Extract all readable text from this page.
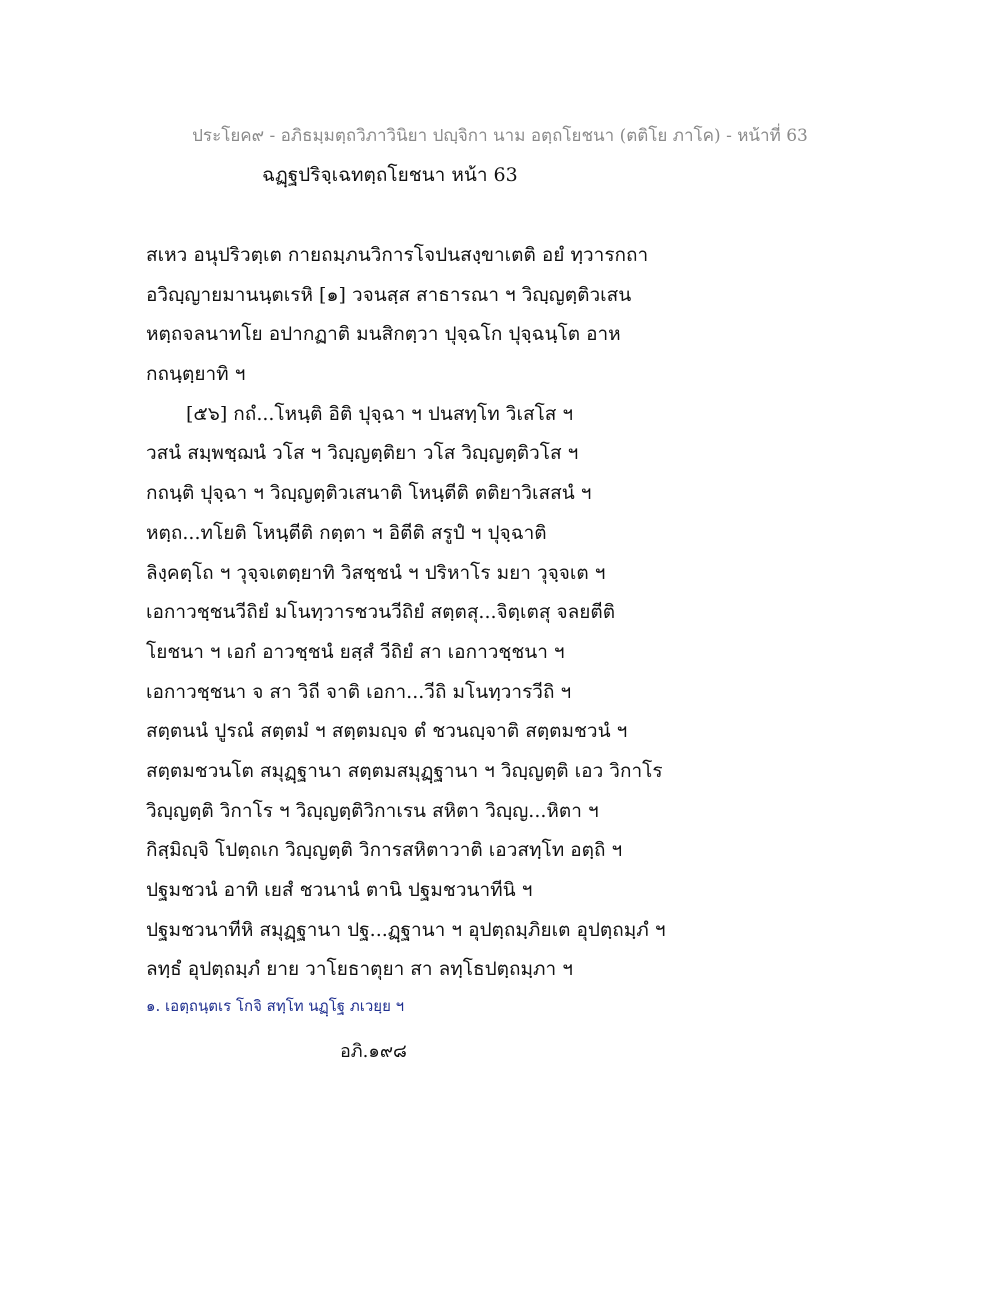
ประโยค๙ - อภิธมฺมตฺถวิภาวินิยา ปญฺจิกา นาม อตฺถโยชนา (ตติโย ภาโค) - หน้าที่ 63
ฉฏฺฐปริจฺเฉทตฺถโยชนา หน้า 63
สเหว อนุปริวตฺเต กายถมฺภนวิการโจปนสงฺขาเตติ อยํ ทฺวารกถา
อวิญฺญายมานนฺตเรหิ [๑] วจนสฺส สาธารณา ฯ วิญฺญตฺติวเสน
หตฺถจลนาทโย อปากฏาติ มนสิกตฺวา ปุจฺฉโก ปุจฺฉนฺโต อาห
กถนฺตฺยาทิ ฯ
[๕๖] กถํ...โหนฺติ อิติ ปุจฺฉา ฯ ปนสทฺโท วิเสโส ฯ
วสนํ สมฺพชฺฌนํ วโส ฯ วิญฺญตฺติยา วโส วิญฺญตฺติวโส ฯ
กถนฺติ ปุจฺฉา ฯ วิญฺญตฺติวเสนาติ โหนฺตีติ ตติยาวิเสสนํ ฯ
หตฺถ...ทโยติ โหนฺตีติ กตฺตา ฯ อิตีติ สรูปํ ฯ ปุจฺฉาติ
ลิงฺคตฺโถ ฯ วุจฺจเตตฺยาทิ วิสชฺชนํ ฯ ปริหาโร มยา วุจฺจเต ฯ
เอกาวชฺชนวีถิยํ มโนทฺวารชวนวีถิยํ สตฺตสุ...จิตฺเตสุ จลยตีติ
โยชนา ฯ เอกํ อาวชฺชนํ ยสฺสํ วีถิยํ สา เอกาวชฺชนา ฯ
เอกาวชฺชนา จ สา วิถี จาติ เอกา...วีถิ มโนทฺวารวีถิ ฯ
สตฺตนนํ ปูรณํ สตฺตมํ ฯ สตฺตมญฺจ ตํ ชวนญฺจาติ สตฺตมชวนํ ฯ
สตฺตมชวนโต สมุฏฺฐานา สตฺตมสมุฏฺฐานา ฯ วิญฺญตฺติ เอว วิกาโร
วิญฺญตฺติ วิกาโร ฯ วิญฺญตฺติวิกาเรน สหิตา วิญฺญ...หิตา ฯ
กิสฺมิญฺจิ โปตฺถเก วิญฺญตฺติ วิการสหิตาวาติ เอวสทฺโท อตฺถิ ฯ
ปฐมชวนํ อาทิ เยสํ ชวนานํ ตานิ ปฐมชวนาทีนิ ฯ
ปฐมชวนาทีหิ สมุฏฺฐานา ปฐ...ฏฺฐานา ฯ อุปตฺถมฺภิยเต อุปตฺถมฺภํ ฯ
ลทฺธํ อุปตฺถมฺภํ ยาย วาโยธาตุยา สา ลทฺโธปตฺถมฺภา ฯ
๑. เอตฺถนฺตเร โกจิ สทฺโท นฏฺโฐ ภเวยฺย ฯ
อภิ.๑๙๘
